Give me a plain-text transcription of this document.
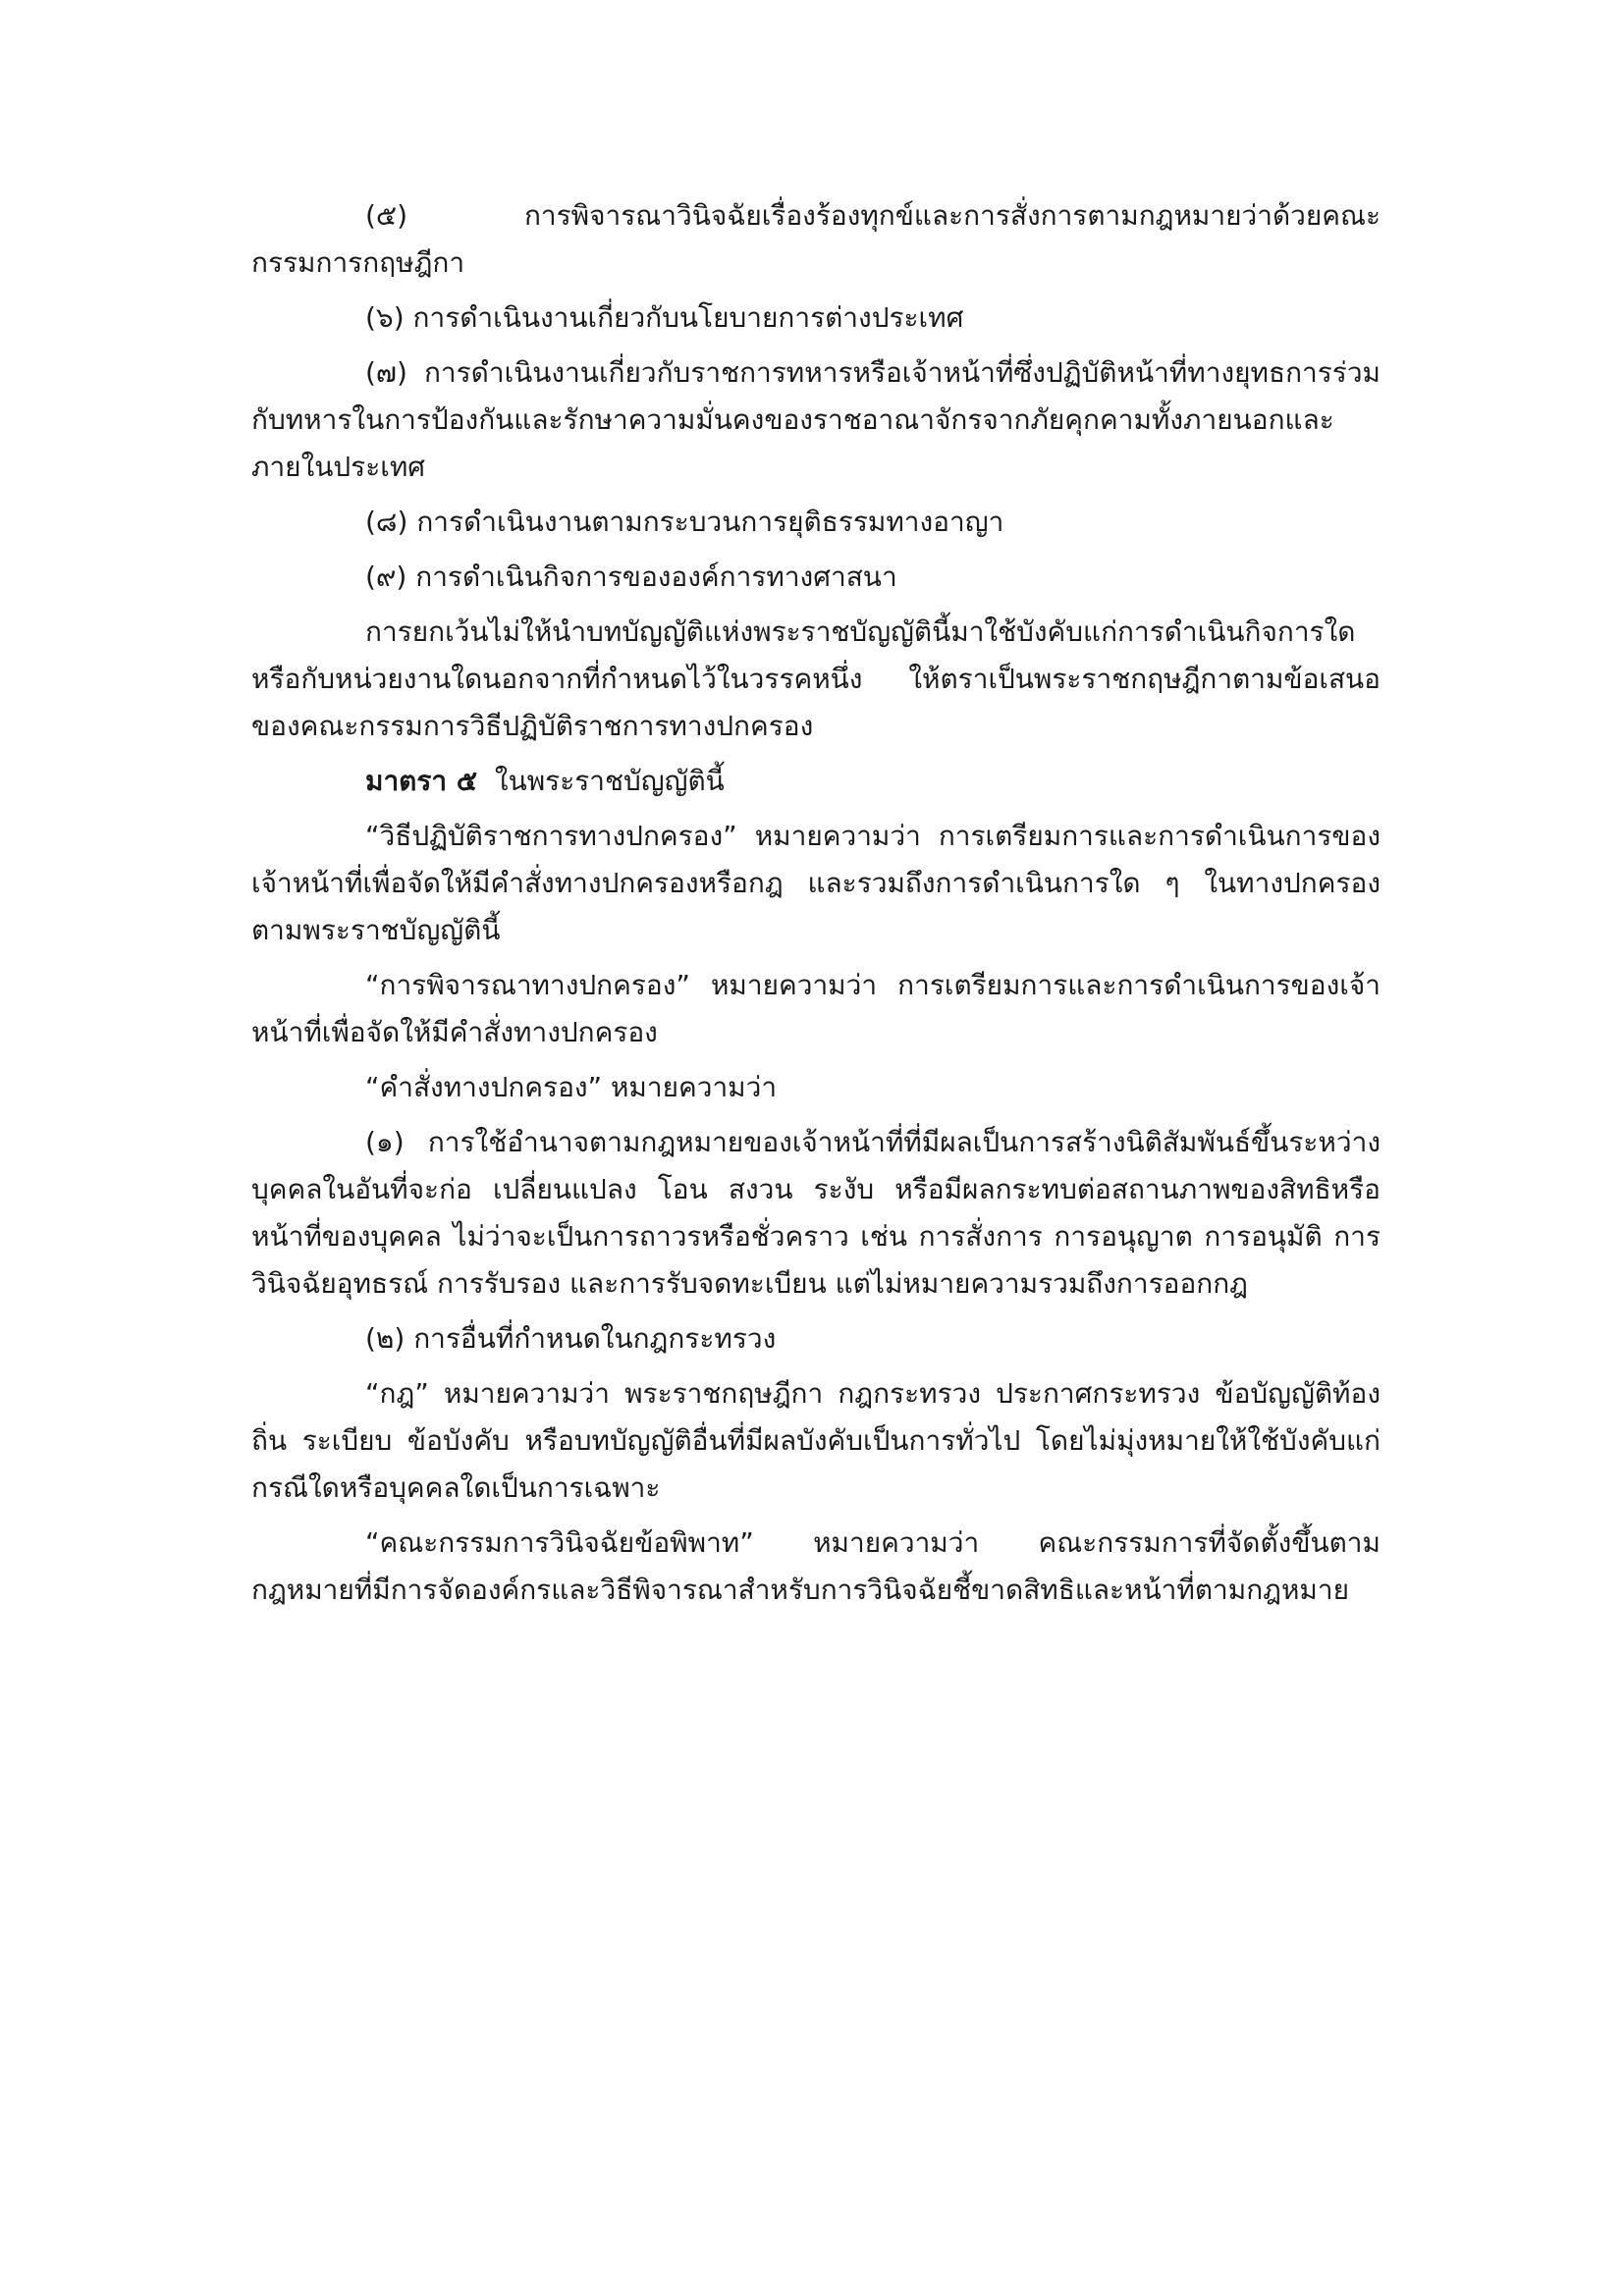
(๕) การพิจารณาวินิจฉัยเรื่องร้องทุกข์และการสั่งการตามกฎหมายว่าด้วยคณะกรรมการกฤษฎีกา

(๖) การดำเนินงานเกี่ยวกับนโยบายการต่างประเทศ

(๗) การดำเนินงานเกี่ยวกับราชการทหารหรือเจ้าหน้าที่ซึ่งปฏิบัติหน้าที่ทางยุทธการร่วมกับทหารในการป้องกันและรักษาความมั่นคงของราชอาณาจักรจากภัยคุกคามทั้งภายนอกและภายในประเทศ

(๘) การดำเนินงานตามกระบวนการยุติธรรมทางอาญา

(๙) การดำเนินกิจการขององค์การทางศาสนา

การยกเว้นไม่ให้นำบทบัญญัติแห่งพระราชบัญญัตินี้มาใช้บังคับแก่การดำเนินกิจการใดหรือกับหน่วยงานใดนอกจากที่กำหนดไว้ในวรรคหนึ่ง ให้ตราเป็นพระราชกฤษฎีกาตามข้อเสนอของคณะกรรมการวิธีปฏิบัติราชการทางปกครอง

มาตรา ๕ ในพระราชบัญญัตินี้

“วิธีปฏิบัติราชการทางปกครอง” หมายความว่า การเตรียมการและการดำเนินการของเจ้าหน้าที่เพื่อจัดให้มีคำสั่งทางปกครองหรือกฎ และรวมถึงการดำเนินการใด ๆ ในทางปกครองตามพระราชบัญญัตินี้

“การพิจารณาทางปกครอง” หมายความว่า การเตรียมการและการดำเนินการของเจ้าหน้าที่เพื่อจัดให้มีคำสั่งทางปกครอง

“คำสั่งทางปกครอง” หมายความว่า

(๑) การใช้อำนาจตามกฎหมายของเจ้าหน้าที่ที่มีผลเป็นการสร้างนิติสัมพันธ์ขึ้นระหว่างบุคคลในอันที่จะก่อ เปลี่ยนแปลง โอน สงวน ระงับ หรือมีผลกระทบต่อสถานภาพของสิทธิหรือหน้าที่ของบุคคล ไม่ว่าจะเป็นการถาวรหรือชั่วคราว เช่น การสั่งการ การอนุญาต การอนุมัติ การวินิจฉัยอุทธรณ์ การรับรอง และการรับจดทะเบียน แต่ไม่หมายความรวมถึงการออกกฎ

(๒) การอื่นที่กำหนดในกฎกระทรวง

“กฎ” หมายความว่า พระราชกฤษฎีกา กฎกระทรวง ประกาศกระทรวง ข้อบัญญัติท้องถิ่น ระเบียบ ข้อบังคับ หรือบทบัญญัติอื่นที่มีผลบังคับเป็นการทั่วไป โดยไม่มุ่งหมายให้ใช้บังคับแก่กรณีใดหรือบุคคลใดเป็นการเฉพาะ

“คณะกรรมการวินิจฉัยข้อพิพาท” หมายความว่า คณะกรรมการที่จัดตั้งขึ้นตามกฎหมายที่มีการจัดองค์กรและวิธีพิจารณาสำหรับการวินิจฉัยชี้ขาดสิทธิและหน้าที่ตามกฎหมาย
